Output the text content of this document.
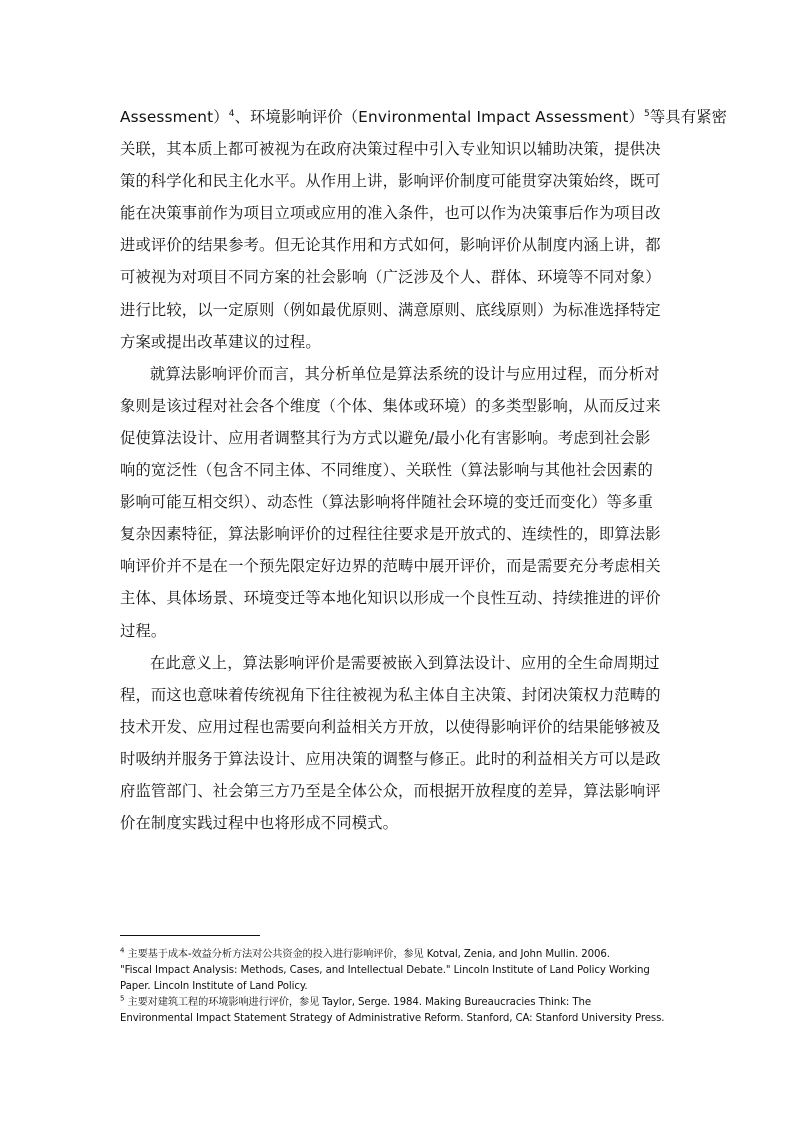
Assessment）$^4$、环境影响评价（Environmental Impact Assessment）$^5$等具有紧密
关联，其本质上都可被视为在政府决策过程中引入专业知识以辅助决策，提供决
策的科学化和民主化水平。从作用上讲，影响评价制度可能贯穿决策始终，既可
能在决策事前作为项目立项或应用的准入条件，也可以作为决策事后作为项目改
进或评价的结果参考。但无论其作用和方式如何，影响评价从制度内涵上讲，都
可被视为对项目不同方案的社会影响（广泛涉及个人、群体、环境等不同对象）
进行比较，以一定原则（例如最优原则、满意原则、底线原则）为标准选择特定
方案或提出改革建议的过程。
就算法影响评价而言，其分析单位是算法系统的设计与应用过程，而分析对
象则是该过程对社会各个维度（个体、集体或环境）的多类型影响，从而反过来
促使算法设计、应用者调整其行为方式以避免/最小化有害影响。考虑到社会影
响的宽泛性（包含不同主体、不同维度）、关联性（算法影响与其他社会因素的
影响可能互相交织）、动态性（算法影响将伴随社会环境的变迁而变化）等多重
复杂因素特征，算法影响评价的过程往往要求是开放式的、连续性的，即算法影
响评价并不是在一个预先限定好边界的范畴中展开评价，而是需要充分考虑相关
主体、具体场景、环境变迁等本地化知识以形成一个良性互动、持续推进的评价
过程。
在此意义上，算法影响评价是需要被嵌入到算法设计、应用的全生命周期过
程，而这也意味着传统视角下往往被视为私主体自主决策、封闭决策权力范畴的
技术开发、应用过程也需要向利益相关方开放，以使得影响评价的结果能够被及
时吸纳并服务于算法设计、应用决策的调整与修正。此时的利益相关方可以是政
府监管部门、社会第三方乃至是全体公众，而根据开放程度的差异，算法影响评
价在制度实践过程中也将形成不同模式。
$^4$ 主要基于成本-效益分析方法对公共资金的投入进行影响评价，参见 Kotval, Zenia, and John Mullin. 2006.
"Fiscal Impact Analysis: Methods, Cases, and Intellectual Debate." Lincoln Institute of Land Policy Working
Paper. Lincoln Institute of Land Policy.
$^5$ 主要对建筑工程的环境影响进行评价，参见 Taylor, Serge. 1984. Making Bureaucracies Think: The
Environmental Impact Statement Strategy of Administrative Reform. Stanford, CA: Stanford University Press.
